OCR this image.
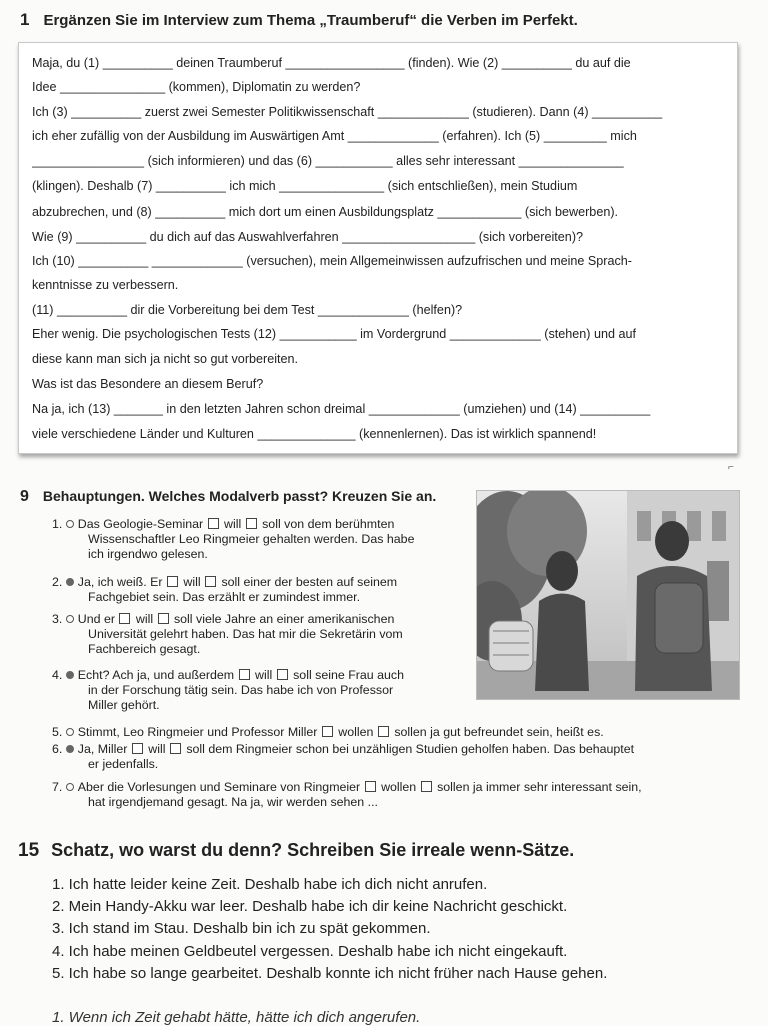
1 Ergänzen Sie im Interview zum Thema „Traumberuf“ die Verben im Perfekt.
Maja, du (1) __________ deinen Traumberuf _________________ (finden). Wie (2) __________ du auf die
Idee _______________ (kommen), Diplomatin zu werden?
Ich (3) __________ zuerst zwei Semester Politikwissenschaft _____________ (studieren). Dann (4) __________
ich eher zufällig von der Ausbildung im Auswärtigen Amt _____________ (erfahren). Ich (5) _________ mich
________________ (sich informieren) und das (6) ___________ alles sehr interessant _______________
(klingen). Deshalb (7) __________ ich mich _______________ (sich entschließen), mein Studium
abzubrechen, und (8) __________ mich dort um einen Ausbildungsplatz ____________ (sich bewerben).
Wie (9) __________ du dich auf das Auswahlverfahren ___________________ (sich vorbereiten)?
Ich (10) __________ _____________ (versuchen), mein Allgemeinwissen aufzufrischen und meine Sprach-
kenntnisse zu verbessern.
(11) __________ dir die Vorbereitung bei dem Test _____________ (helfen)?
Eher wenig. Die psychologischen Tests (12) ___________ im Vordergrund _____________ (stehen) und auf
diese kann man sich ja nicht so gut vorbereiten.
Was ist das Besondere an diesem Beruf?
Na ja, ich (13) _______ in den letzten Jahren schon dreimal _____________ (umziehen) und (14) __________
viele verschiedene Länder und Kulturen ______________ (kennenlernen). Das ist wirklich spannend!
⌐
9 Behauptungen. Welches Modalverb passt? Kreuzen Sie an.
1. Das Geologie-Seminar  will  soll von dem berühmten
Wissenschaftler Leo Ringmeier gehalten werden. Das habe
ich irgendwo gelesen.
2. Ja, ich weiß. Er  will  soll einer der besten auf seinem
Fachgebiet sein. Das erzählt er zumindest immer.
3. Und er  will  soll viele Jahre an einer amerikanischen
Universität gelehrt haben. Das hat mir die Sekretärin vom
Fachbereich gesagt.
4. Echt? Ach ja, und außerdem  will  soll seine Frau auch
in der Forschung tätig sein. Das habe ich von Professor
Miller gehört.
5. Stimmt, Leo Ringmeier und Professor Miller  wollen  sollen ja gut befreundet sein, heißt es.
6. Ja, Miller  will  soll dem Ringmeier schon bei unzähligen Studien geholfen haben. Das behauptet
er jedenfalls.
7. Aber die Vorlesungen und Seminare von Ringmeier  wollen  sollen ja immer sehr interessant sein,
hat irgendjemand gesagt. Na ja, wir werden sehen ...
15 Schatz, wo warst du denn? Schreiben Sie irreale wenn-Sätze.
1. Ich hatte leider keine Zeit. Deshalb habe ich dich nicht anrufen.
2. Mein Handy-Akku war leer. Deshalb habe ich dir keine Nachricht geschickt.
3. Ich stand im Stau. Deshalb bin ich zu spät gekommen.
4. Ich habe meinen Geldbeutel vergessen. Deshalb habe ich nicht eingekauft.
5. Ich habe so lange gearbeitet. Deshalb konnte ich nicht früher nach Hause gehen.
1. Wenn ich Zeit gehabt hätte, hätte ich dich angerufen.
